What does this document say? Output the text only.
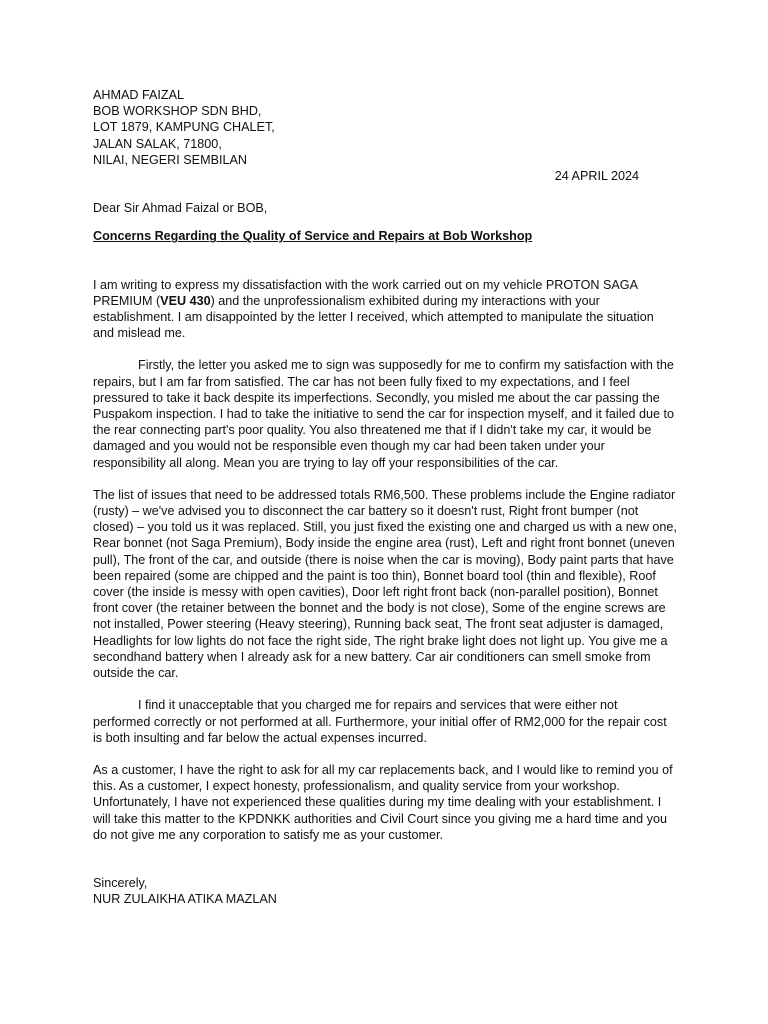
AHMAD FAIZAL
BOB WORKSHOP SDN BHD,
LOT 1879, KAMPUNG CHALET,
JALAN SALAK, 71800,
NILAI, NEGERI SEMBILAN
24 APRIL 2024
Dear Sir Ahmad Faizal or BOB,
Concerns Regarding the Quality of Service and Repairs at Bob Workshop

I am writing to express my dissatisfaction with the work carried out on my vehicle PROTON SAGA PREMIUM (VEU 430) and the unprofessionalism exhibited during my interactions with your establishment. I am disappointed by the letter I received, which attempted to manipulate the situation and mislead me.

Firstly, the letter you asked me to sign was supposedly for me to confirm my satisfaction with the repairs, but I am far from satisfied. The car has not been fully fixed to my expectations, and I feel pressured to take it back despite its imperfections. Secondly, you misled me about the car passing the Puspakom inspection. I had to take the initiative to send the car for inspection myself, and it failed due to the rear connecting part's poor quality. You also threatened me that if I didn't take my car, it would be damaged and you would not be responsible even though my car had been taken under your responsibility all along. Mean you are trying to lay off your responsibilities of the car.

The list of issues that need to be addressed totals RM6,500. These problems include the Engine radiator (rusty) – we've advised you to disconnect the car battery so it doesn't rust, Right front bumper (not closed) – you told us it was replaced. Still, you just fixed the existing one and charged us with a new one, Rear bonnet (not Saga Premium), Body inside the engine area (rust), Left and right front bonnet (uneven pull), The front of the car, and outside (there is noise when the car is moving), Body paint parts that have been repaired (some are chipped and the paint is too thin), Bonnet board tool (thin and flexible), Roof cover (the inside is messy with open cavities), Door left right front back (non-parallel position), Bonnet front cover (the retainer between the bonnet and the body is not close), Some of the engine screws are not installed, Power steering (Heavy steering), Running back seat, The front seat adjuster is damaged, Headlights for low lights do not face the right side, The right brake light does not light up. You give me a secondhand battery when I already ask for a new battery. Car air conditioners can smell smoke from outside the car.

I find it unacceptable that you charged me for repairs and services that were either not performed correctly or not performed at all. Furthermore, your initial offer of RM2,000 for the repair cost is both insulting and far below the actual expenses incurred.

As a customer, I have the right to ask for all my car replacements back, and I would like to remind you of this. As a customer, I expect honesty, professionalism, and quality service from your workshop. Unfortunately, I have not experienced these qualities during my time dealing with your establishment. I will take this matter to the KPDNKK authorities and Civil Court since you giving me a hard time and you do not give me any corporation to satisfy me as your customer.

Sincerely,
NUR ZULAIKHA ATIKA MAZLAN
